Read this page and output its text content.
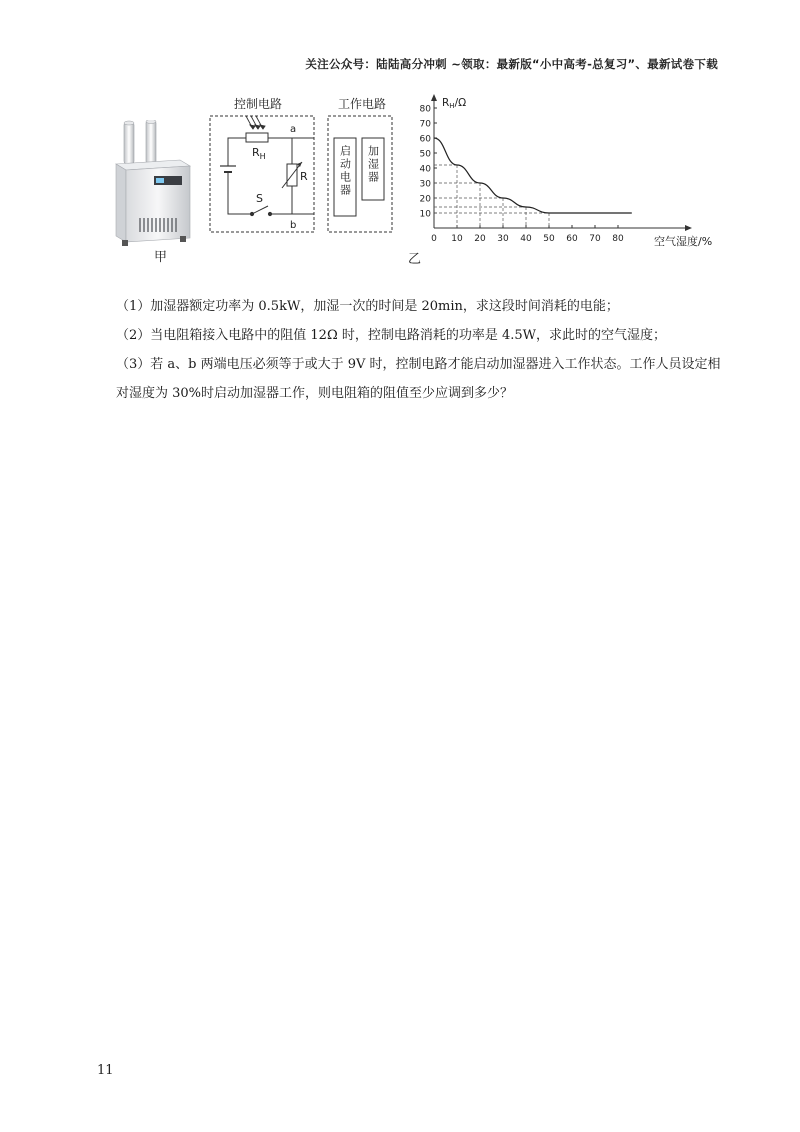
关注公众号：陆陆高分冲刺 ~领取：最新版“小中高考-总复习”、最新试卷下载
甲
控制电路	工作电路
$R_H$
R
S
a
b
启动电器 加湿器
RH/Ω
空气湿度/%
10
20
30
40
50
60
70
80
0 10 20 30 40 50 60 70 80
乙

（1）加湿器额定功率为 0.5kW，加湿一次的时间是 20min，求这段时间消耗的电能；

（2）当电阻箱接入电路中的阻值 12Ω 时，控制电路消耗的功率是 4.5W，求此时的空气湿度；

（3）若 a、b 两端电压必须等于或大于 9V 时，控制电路才能启动加湿器进入工作状态。工作人员设定相对湿度为 30%时启动加湿器工作，则电阻箱的阻值至少应调到多少？

11
